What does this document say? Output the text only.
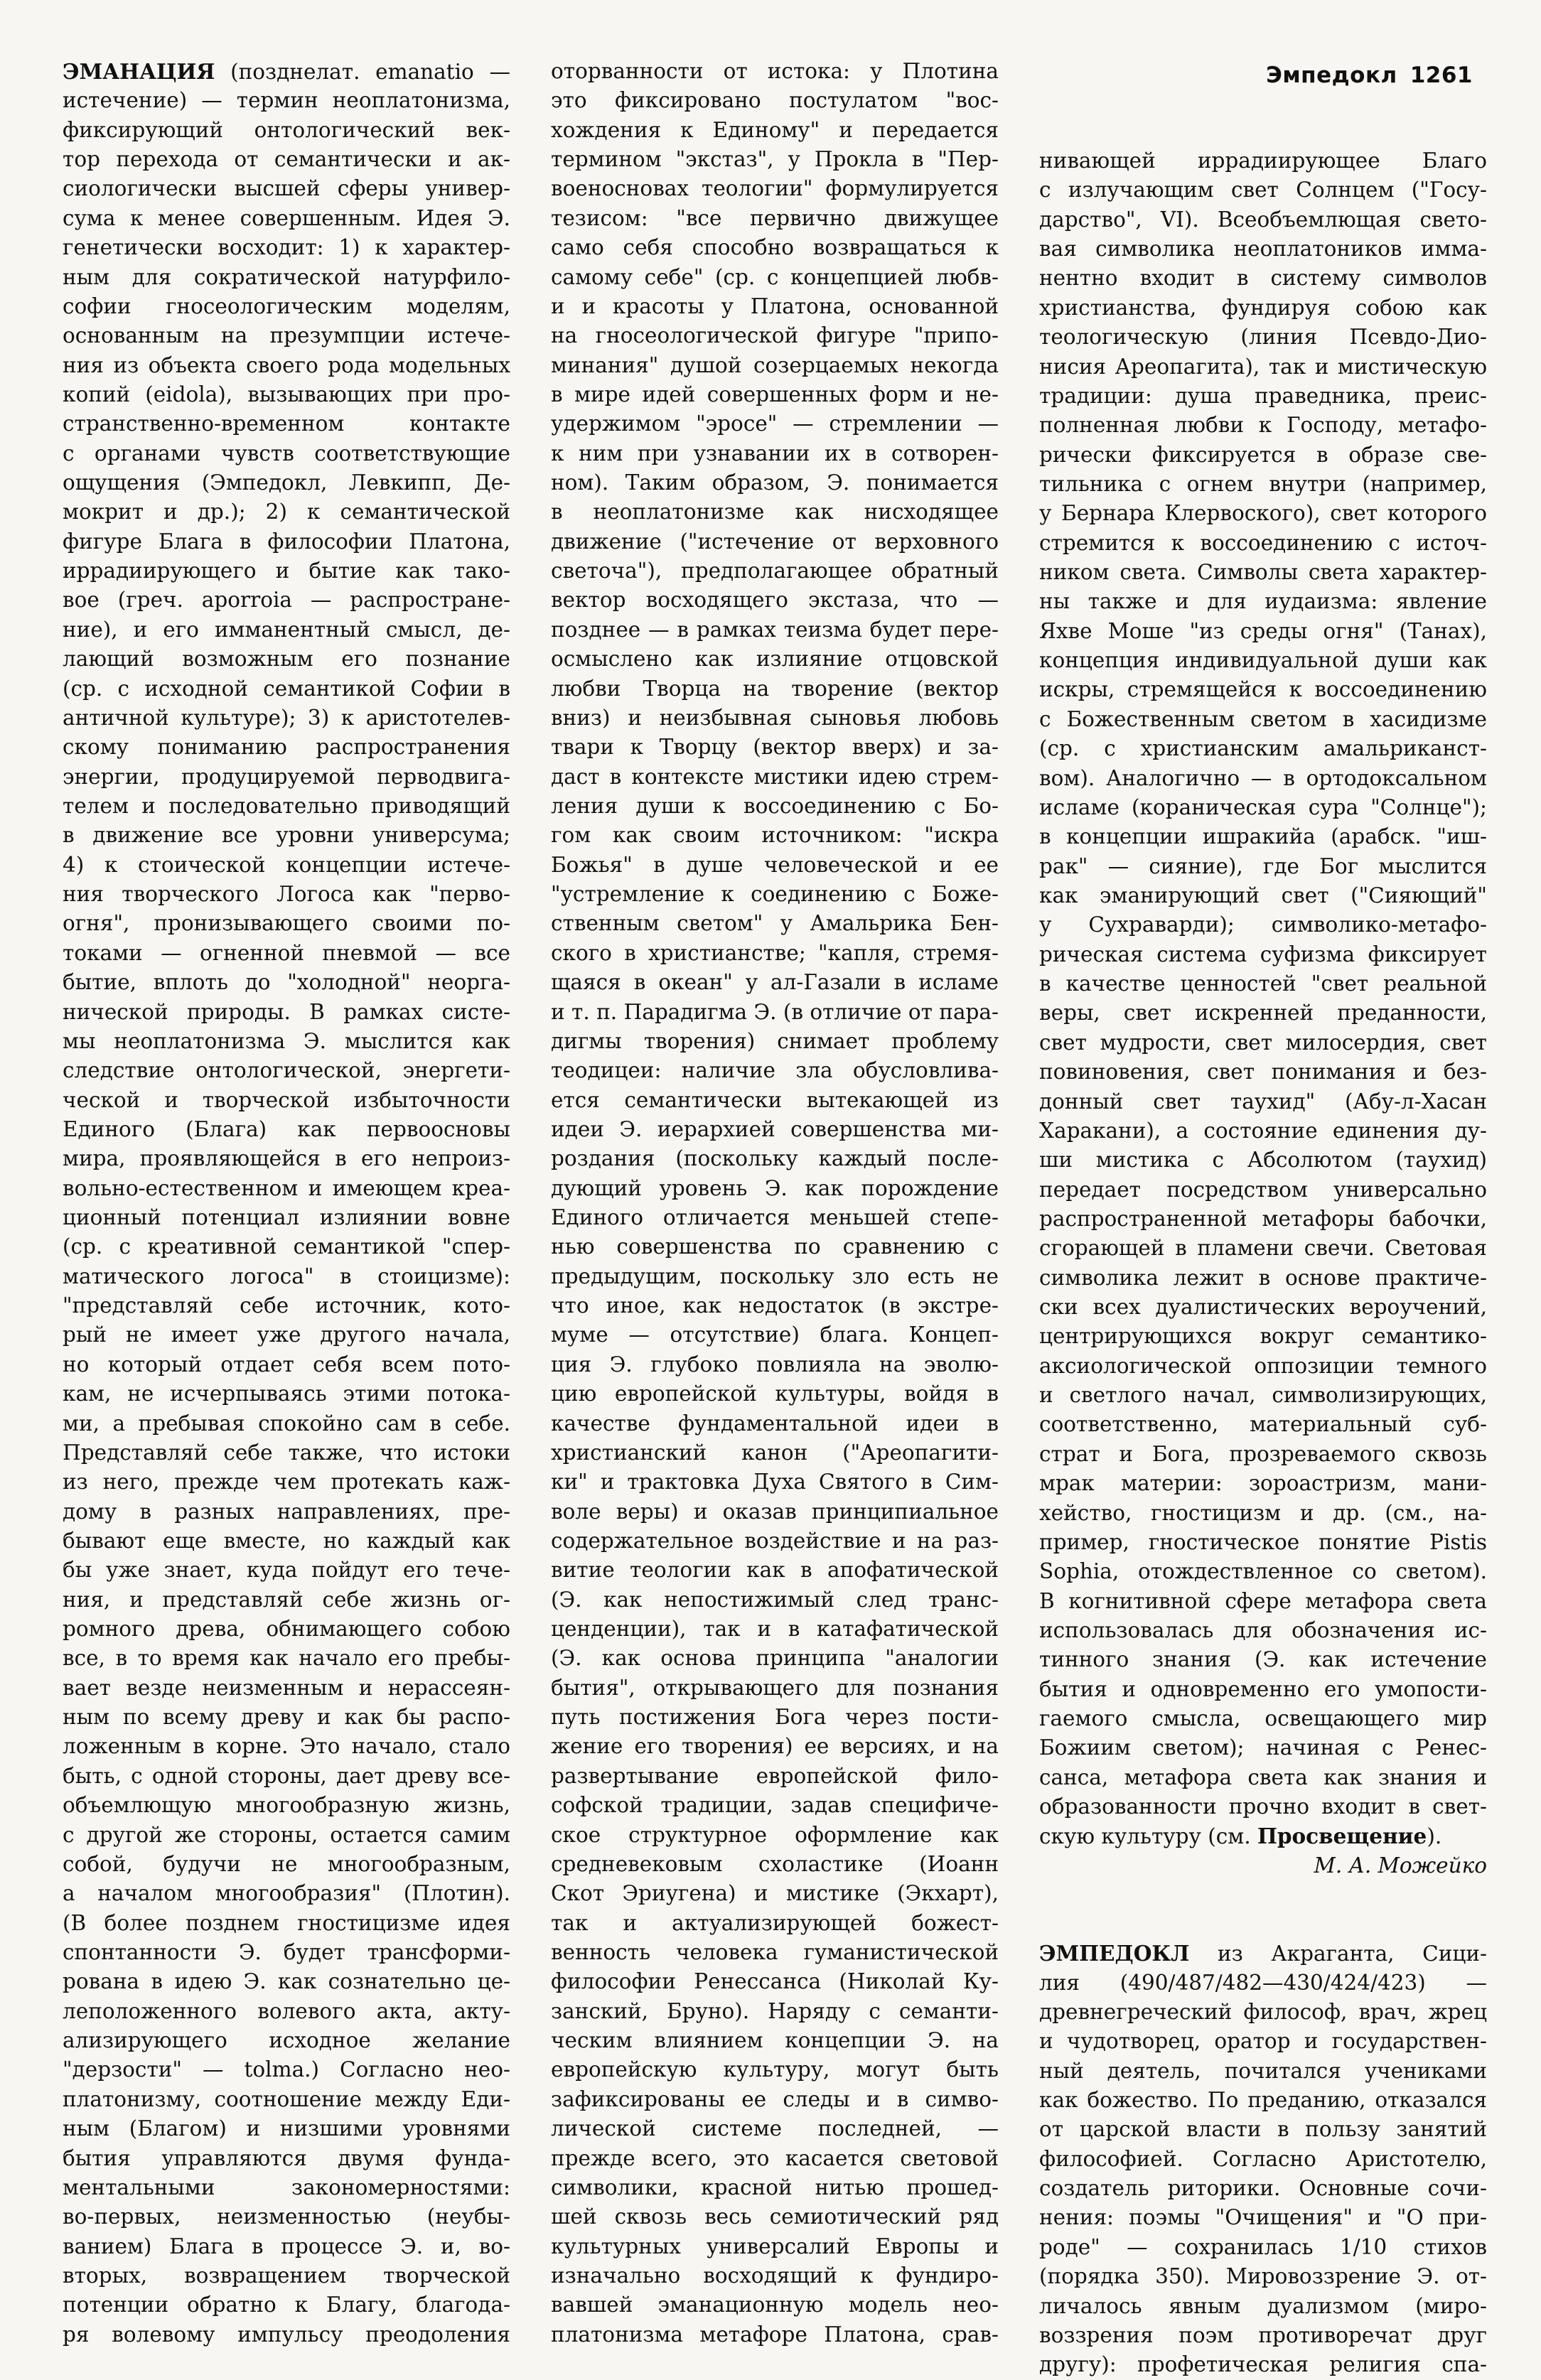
Эмпедокл 1261
ЭМАНАЦИЯ (позднелат. emanatio —
истечение) — термин неоплатонизма,
фиксирующий онтологический век-
тор перехода от семантически и ак-
сиологически высшей сферы универ-
сума к менее совершенным. Идея Э.
генетически восходит: 1) к характер-
ным для сократической натурфило-
софии гносеологическим моделям,
основанным на презумпции истече-
ния из объекта своего рода модельных
копий (eidola), вызывающих при про-
странственно-временном контакте
с органами чувств соответствующие
ощущения (Эмпедокл, Левкипп, Де-
мокрит и др.); 2) к семантической
фигуре Блага в философии Платона,
иррадиирующего и бытие как тако-
вое (греч. aporroia — распростране-
ние), и его имманентный смысл, де-
лающий возможным его познание
(ср. с исходной семантикой Софии в
античной культуре); 3) к аристотелев-
скому пониманию распространения
энергии, продуцируемой перводвига-
телем и последовательно приводящий
в движение все уровни универсума;
4) к стоической концепции истече-
ния творческого Логоса как "перво-
огня", пронизывающего своими по-
токами — огненной пневмой — все
бытие, вплоть до "холодной" неорга-
нической природы. В рамках систе-
мы неоплатонизма Э. мыслится как
следствие онтологической, энергети-
ческой и творческой избыточности
Единого (Блага) как первоосновы
мира, проявляющейся в его непроиз-
вольно-естественном и имеющем креа-
ционный потенциал излиянии вовне
(ср. с креативной семантикой "спер-
матического логоса" в стоицизме):
"представляй себе источник, кото-
рый не имеет уже другого начала,
но который отдает себя всем пото-
кам, не исчерпываясь этими потока-
ми, а пребывая спокойно сам в себе.
Представляй себе также, что истоки
из него, прежде чем протекать каж-
дому в разных направлениях, пре-
бывают еще вместе, но каждый как
бы уже знает, куда пойдут его тече-
ния, и представляй себе жизнь ог-
ромного древа, обнимающего собою
все, в то время как начало его пребы-
вает везде неизменным и нерассеян-
ным по всему древу и как бы распо-
ложенным в корне. Это начало, стало
быть, с одной стороны, дает древу все-
объемлющую многообразную жизнь,
с другой же стороны, остается самим
собой, будучи не многообразным,
а началом многообразия" (Плотин).
(В более позднем гностицизме идея
спонтанности Э. будет трансформи-
рована в идею Э. как сознательно це-
леположенного волевого акта, акту-
ализирующего исходное желание
"дерзости" — tolma.) Согласно нео-
платонизму, соотношение между Еди-
ным (Благом) и низшими уровнями
бытия управляются двумя фунда-
ментальными закономерностями:
во-первых, неизменностью (неубы-
ванием) Блага в процессе Э. и, во-
вторых, возвращением творческой
потенции обратно к Благу, благода-
ря волевому импульсу преодоления
оторванности от истока: у Плотина
это фиксировано постулатом "вос-
хождения к Единому" и передается
термином "экстаз", у Прокла в "Пер-
военосновах теологии" формулируется
тезисом: "все первично движущее
само себя способно возвращаться к
самому себе" (ср. с концепцией любв-
и и красоты у Платона, основанной
на гносеологической фигуре "припо-
минания" душой созерцаемых некогда
в мире идей совершенных форм и не-
удержимом "эросе" — стремлении —
к ним при узнавании их в сотворен-
ном). Таким образом, Э. понимается
в неоплатонизме как нисходящее
движение ("истечение от верховного
светоча"), предполагающее обратный
вектор восходящего экстаза, что —
позднее — в рамках теизма будет пере-
осмыслено как излияние отцовской
любви Творца на творение (вектор
вниз) и неизбывная сыновья любовь
твари к Творцу (вектор вверх) и за-
даст в контексте мистики идею стрем-
ления души к воссоединению с Бо-
гом как своим источником: "искра
Божья" в душе человеческой и ее
"устремление к соединению с Боже-
ственным светом" у Амальрика Бен-
ского в христианстве; "капля, стремя-
щаяся в океан" у ал-Газали в исламе
и т. п. Парадигма Э. (в отличие от пара-
дигмы творения) снимает проблему
теодицеи: наличие зла обусловлива-
ется семантически вытекающей из
идеи Э. иерархией совершенства ми-
роздания (поскольку каждый после-
дующий уровень Э. как порождение
Единого отличается меньшей степе-
нью совершенства по сравнению с
предыдущим, поскольку зло есть не
что иное, как недостаток (в экстре-
муме — отсутствие) блага. Концеп-
ция Э. глубоко повлияла на эволю-
цию европейской культуры, войдя в
качестве фундаментальной идеи в
христианский канон ("Ареопагити-
ки" и трактовка Духа Святого в Сим-
воле веры) и оказав принципиальное
содержательное воздействие и на раз-
витие теологии как в апофатической
(Э. как непостижимый след транс-
ценденции), так и в катафатической
(Э. как основа принципа "аналогии
бытия", открывающего для познания
путь постижения Бога через пости-
жение его творения) ее версиях, и на
развертывание европейской фило-
софской традиции, задав специфиче-
ское структурное оформление как
средневековым схоластике (Иоанн
Скот Эриугена) и мистике (Экхарт),
так и актуализирующей божест-
венность человека гуманистической
философии Ренессанса (Николай Ку-
занский, Бруно). Наряду с семанти-
ческим влиянием концепции Э. на
европейскую культуру, могут быть
зафиксированы ее следы и в симво-
лической системе последней, —
прежде всего, это касается световой
символики, красной нитью прошед-
шей сквозь весь семиотический ряд
культурных универсалий Европы и
изначально восходящий к фундиро-
вавшей эманационную модель нео-
платонизма метафоре Платона, срав-
нивающей иррадиирующее Благо
с излучающим свет Солнцем ("Госу-
дарство", VI). Всеобъемлющая свето-
вая символика неоплатоников имма-
нентно входит в систему символов
христианства, фундируя собою как
теологическую (линия Псевдо-Дио-
нисия Ареопагита), так и мистическую
традиции: душа праведника, преис-
полненная любви к Господу, метафо-
рически фиксируется в образе све-
тильника с огнем внутри (например,
у Бернара Клервоского), свет которого
стремится к воссоединению с источ-
ником света. Символы света характер-
ны также и для иудаизма: явление
Яхве Моше "из среды огня" (Танах),
концепция индивидуальной души как
искры, стремящейся к воссоединению
с Божественным светом в хасидизме
(ср. с христианским амальриканст-
вом). Аналогично — в ортодоксальном
исламе (кораническая сура "Солнце");
в концепции ишракийа (арабск. "иш-
рак" — сияние), где Бог мыслится
как эманирующий свет ("Сияющий"
у Сухраварди); символико-метафо-
рическая система суфизма фиксирует
в качестве ценностей "свет реальной
веры, свет искренней преданности,
свет мудрости, свет милосердия, свет
повиновения, свет понимания и без-
донный свет таухид" (Абу-л-Хасан
Харакани), а состояние единения ду-
ши мистика с Абсолютом (таухид)
передает посредством универсально
распространенной метафоры бабочки,
сгорающей в пламени свечи. Световая
символика лежит в основе практиче-
ски всех дуалистических вероучений,
центрирующихся вокруг семантико-
аксиологической оппозиции темного
и светлого начал, символизирующих,
соответственно, материальный суб-
страт и Бога, прозреваемого сквозь
мрак материи: зороастризм, мани-
хейство, гностицизм и др. (см., на-
пример, гностическое понятие Pistis
Sophia, отождествленное со светом).
В когнитивной сфере метафора света
использовалась для обозначения ис-
тинного знания (Э. как истечение
бытия и одновременно его умопости-
гаемого смысла, освещающего мир
Божиим светом); начиная с Ренес-
санса, метафора света как знания и
образованности прочно входит в свет-
скую культуру (см. Просвещение).
М. А. Можейко
ЭМПЕДОКЛ из Акраганта, Сици-
лия (490/487/482—430/424/423) —
древнегреческий философ, врач, жрец
и чудотворец, оратор и государствен-
ный деятель, почитался учениками
как божество. По преданию, отказался
от царской власти в пользу занятий
философией. Согласно Аристотелю,
создатель риторики. Основные сочи-
нения: поэмы "Очищения" и "О при-
роде" — сохранилась 1/10 стихов
(порядка 350). Мировоззрение Э. от-
личалось явным дуализмом (миро-
воззрения поэм противоречат друг
другу): профетическая религия спа-
